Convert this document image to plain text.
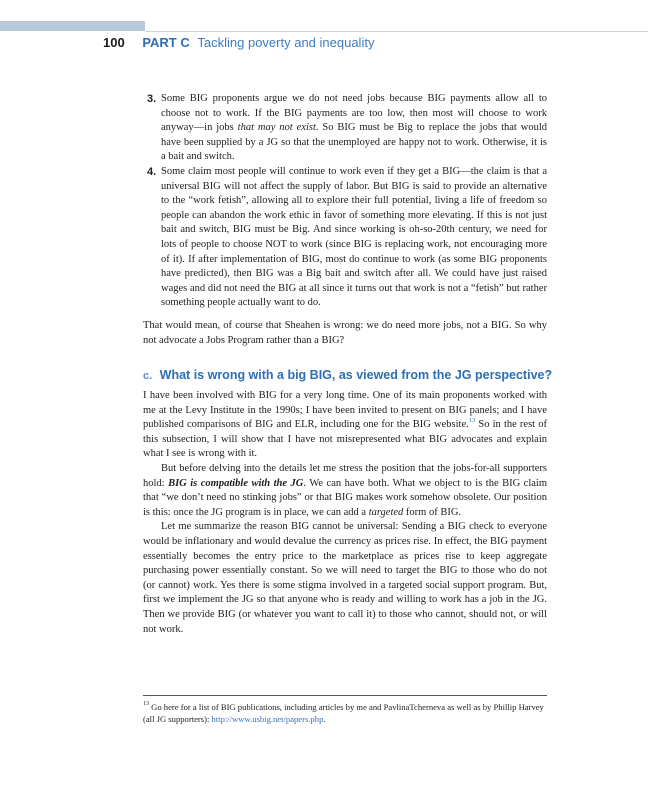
100 PART C Tackling poverty and inequality
3. Some BIG proponents argue we do not need jobs because BIG payments allow all to choose not to work. If the BIG payments are too low, then most will choose to work anyway—in jobs that may not exist. So BIG must be Big to replace the jobs that would have been supplied by a JG so that the unemployed are happy not to work. Otherwise, it is a bait and switch.
4. Some claim most people will continue to work even if they get a BIG—the claim is that a universal BIG will not affect the supply of labor. But BIG is said to provide an alternative to the “work fetish”, allowing all to explore their full potential, living a life of freedom so people can abandon the work ethic in favor of something more elevating. If this is not just bait and switch, BIG must be Big. And since working is oh-so-20th century, we need for lots of people to choose NOT to work (since BIG is replacing work, not encouraging more of it). If after implementation of BIG, most do continue to work (as some BIG proponents have predicted), then BIG was a Big bait and switch after all. We could have just raised wages and did not need the BIG at all since it turns out that work is not a “fetish” but rather something people actually want to do.

That would mean, of course that Sheahen is wrong: we do need more jobs, not a BIG. So why not advocate a Jobs Program rather than a BIG?

c. What is wrong with a big BIG, as viewed from the JG perspective?

I have been involved with BIG for a very long time. One of its main proponents worked with me at the Levy Institute in the 1990s; I have been invited to present on BIG panels; and I have published comparisons of BIG and ELR, including one for the BIG website.$^{13}$ So in the rest of this subsection, I will show that I have not misrepresented what BIG advocates and explain what I see is wrong with it.

But before delving into the details let me stress the position that the jobs-for-all supporters hold: BIG is compatible with the JG. We can have both. What we object to is the BIG claim that “we don’t need no stinking jobs” or that BIG makes work somehow obsolete. Our position is this: once the JG program is in place, we can add a targeted form of BIG.

Let me summarize the reason BIG cannot be universal: Sending a BIG check to everyone would be inflationary and would devalue the currency as prices rise. In effect, the BIG payment essentially becomes the entry price to the marketplace as prices rise to keep aggregate purchasing power essentially constant. So we will need to target the BIG to those who do not (or cannot) work. Yes there is some stigma involved in a targeted social support program. But, first we implement the JG so that anyone who is ready and willing to work has a job in the JG. Then we provide BIG (or whatever you want to call it) to those who cannot, should not, or will not work.

$^{13}$ Go here for a list of BIG publications, including articles by me and PavlinaTcherneva as well as by Phillip Harvey (all JG supporters): http://www.usbig.net/papers.php.
